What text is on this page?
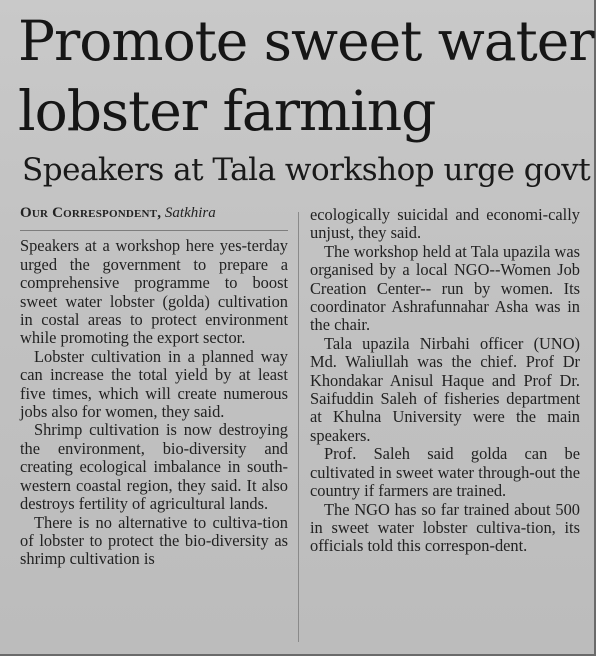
Promote sweet water lobster farming
Speakers at Tala workshop urge govt
Our Correspondent, Satkhira

Speakers at a workshop here yes-terday urged the government to prepare a comprehensive programme to boost sweet water lobster (golda) cultivation in costal areas to protect environment while promoting the export sector.

Lobster cultivation in a planned way can increase the total yield by at least five times, which will create numerous jobs also for women, they said.

Shrimp cultivation is now destroying the environment, bio-diversity and creating ecological imbalance in south-western coastal region, they said. It also destroys fertility of agricultural lands.

There is no alternative to cultiva-tion of lobster to protect the bio-diversity as shrimp cultivation is

ecologically suicidal and economi-cally unjust, they said.

The workshop held at Tala upazila was organised by a local NGO--Women Job Creation Center-- run by women. Its coordinator Ashrafunnahar Asha was in the chair.

Tala upazila Nirbahi officer (UNO) Md. Waliullah was the chief. Prof Dr Khondakar Anisul Haque and Prof Dr. Saifuddin Saleh of fisheries department at Khulna University were the main speakers.

Prof. Saleh said golda can be cultivated in sweet water through-out the country if farmers are trained.

The NGO has so far trained about 500 in sweet water lobster cultiva-tion, its officials told this correspon-dent.
